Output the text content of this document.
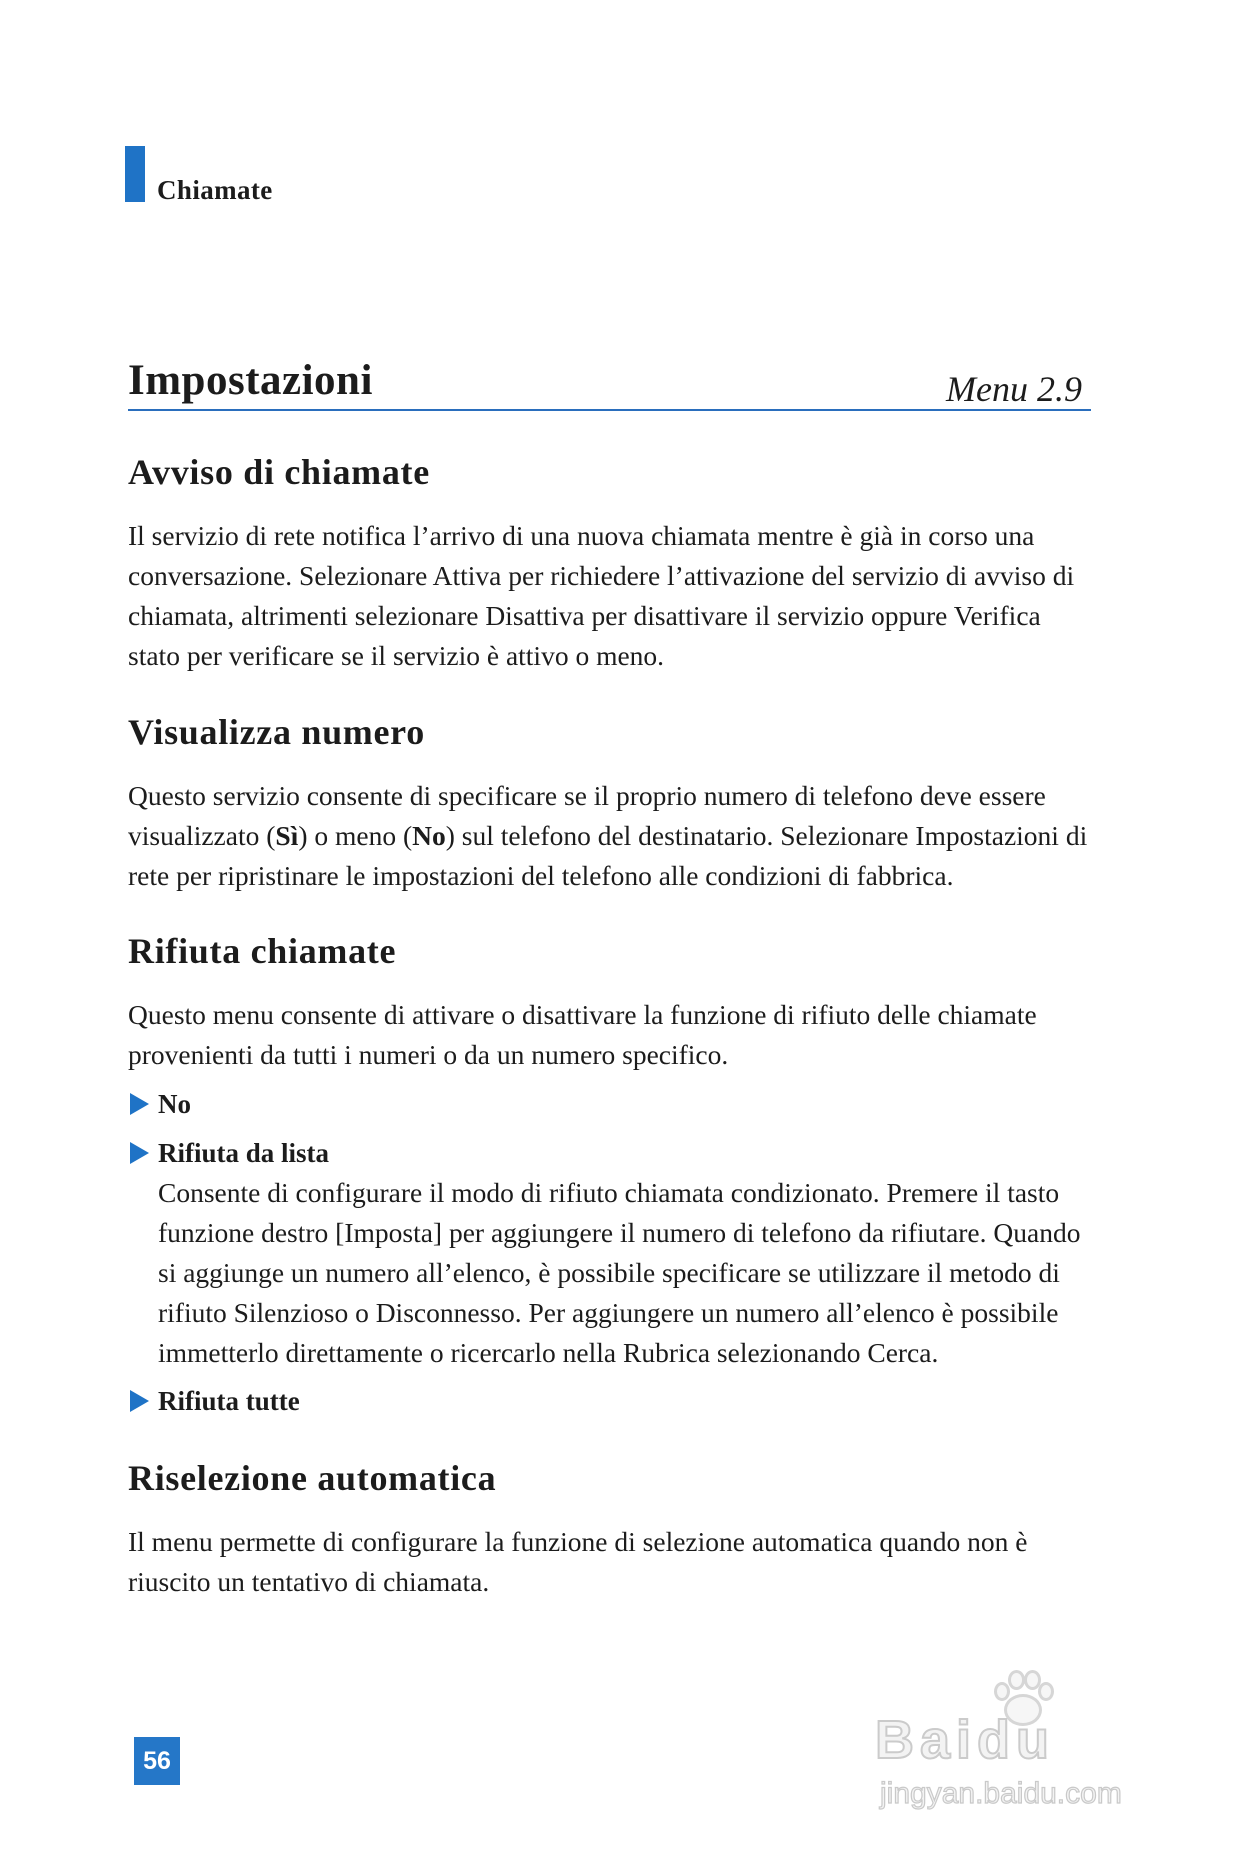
Chiamate
Impostazioni	Menu 2.9
Avviso di chiamate
Il servizio di rete notifica l’arrivo di una nuova chiamata mentre è già in corso una
conversazione. Selezionare Attiva per richiedere l’attivazione del servizio di avviso di
chiamata, altrimenti selezionare Disattiva per disattivare il servizio oppure Verifica
stato per verificare se il servizio è attivo o meno.
Visualizza numero
Questo servizio consente di specificare se il proprio numero di telefono deve essere
visualizzato (Sì) o meno (No) sul telefono del destinatario. Selezionare Impostazioni di
rete per ripristinare le impostazioni del telefono alle condizioni di fabbrica.
Rifiuta chiamate
Questo menu consente di attivare o disattivare la funzione di rifiuto delle chiamate
provenienti da tutti i numeri o da un numero specifico.
No
Rifiuta da lista
Consente di configurare il modo di rifiuto chiamata condizionato. Premere il tasto
funzione destro [Imposta] per aggiungere il numero di telefono da rifiutare. Quando
si aggiunge un numero all’elenco, è possibile specificare se utilizzare il metodo di
rifiuto Silenzioso o Disconnesso. Per aggiungere un numero all’elenco è possibile
immetterlo direttamente o ricercarlo nella Rubrica selezionando Cerca.
Rifiuta tutte
Riselezione automatica
Il menu permette di configurare la funzione di selezione automatica quando non è
riuscito un tentativo di chiamata.
56	Baidu
jingyan.baidu.com
